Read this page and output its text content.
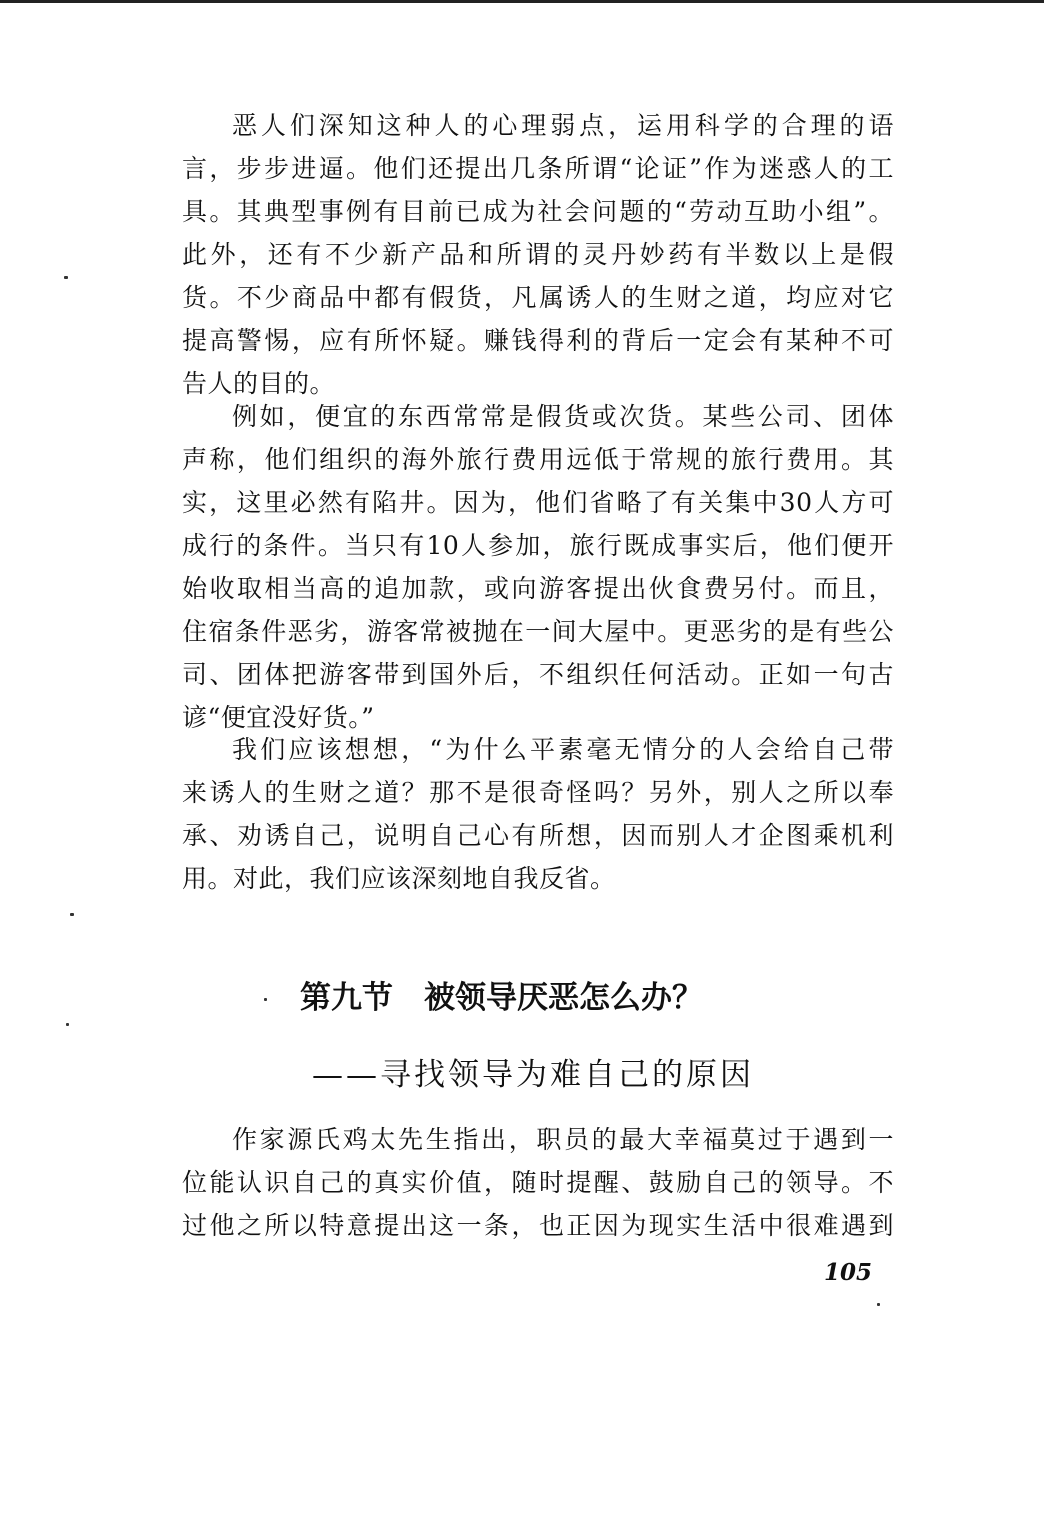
恶人们深知这种人的心理弱点，运用科学的合理的语
言，步步进逼。他们还提出几条所谓“论证”作为迷惑人的工
具。其典型事例有目前已成为社会问题的“劳动互助小组”。
此外，还有不少新产品和所谓的灵丹妙药有半数以上是假
货。不少商品中都有假货，凡属诱人的生财之道，均应对它
提高警惕，应有所怀疑。赚钱得利的背后一定会有某种不可
告人的目的。
例如，便宜的东西常常是假货或次货。某些公司、团体
声称，他们组织的海外旅行费用远低于常规的旅行费用。其
实，这里必然有陷井。因为，他们省略了有关集中30人方可
成行的条件。当只有10人参加，旅行既成事实后，他们便开
始收取相当高的追加款，或向游客提出伙食费另付。而且，
住宿条件恶劣，游客常被抛在一间大屋中。更恶劣的是有些公
司、团体把游客带到国外后，不组织任何活动。正如一句古
谚“便宜没好货。”
我们应该想想，“为什么平素毫无情分的人会给自己带
来诱人的生财之道？那不是很奇怪吗？另外，别人之所以奉
承、劝诱自己，说明自己心有所想，因而别人才企图乘机利
用。对此，我们应该深刻地自我反省。
第九节　被领导厌恶怎么办？
——寻找领导为难自己的原因
作家源氏鸡太先生指出，职员的最大幸福莫过于遇到一
位能认识自己的真实价值，随时提醒、鼓励自己的领导。不
过他之所以特意提出这一条，也正因为现实生活中很难遇到
105
